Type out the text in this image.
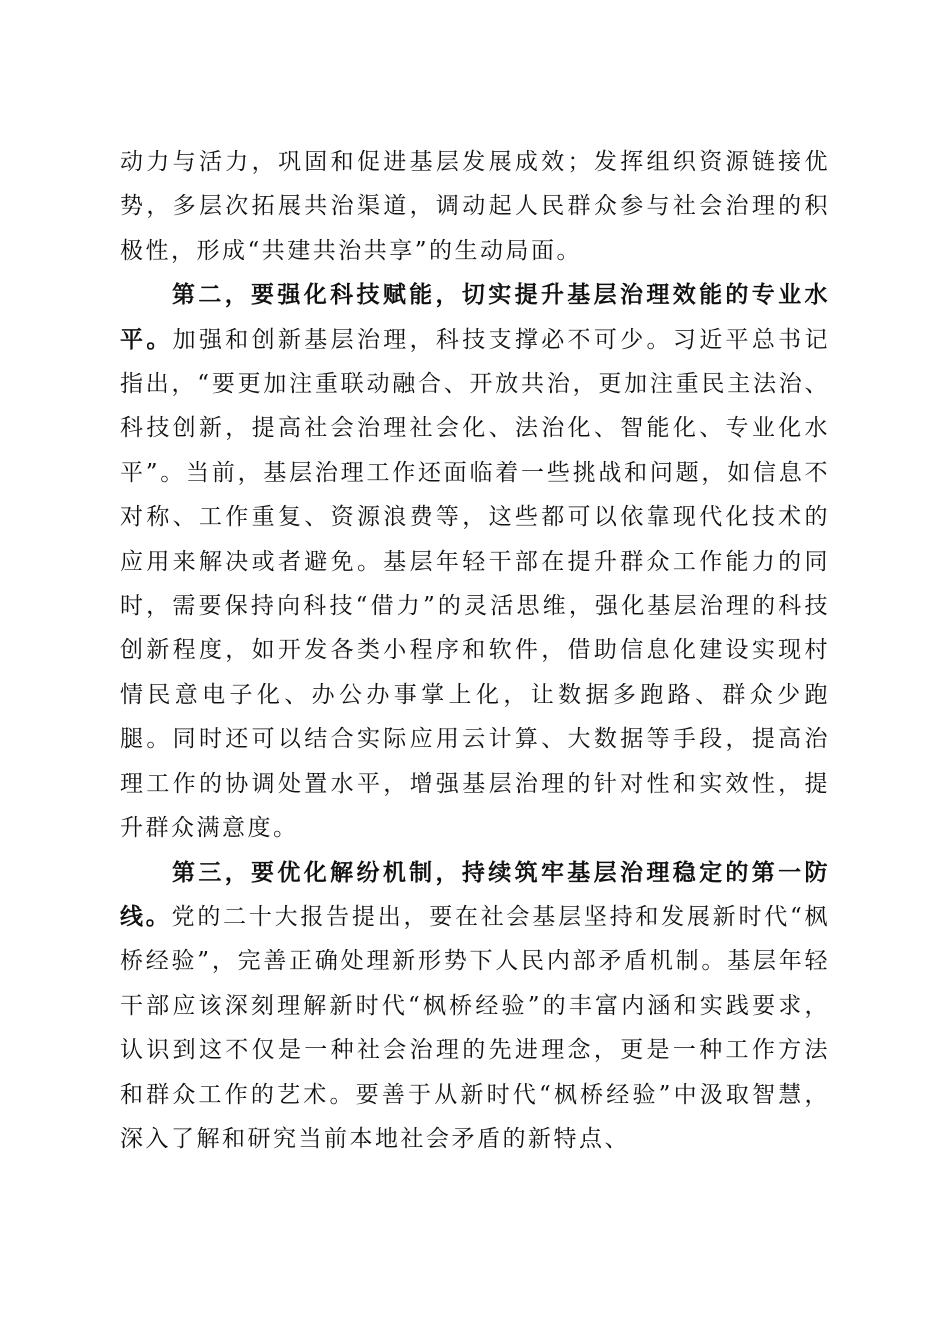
动力与活力，巩固和促进基层发展成效；发挥组织资源链接优势，多层次拓展共治渠道，调动起人民群众参与社会治理的积极性，形成“共建共治共享”的生动局面。

第二，要强化科技赋能，切实提升基层治理效能的专业水平。加强和创新基层治理，科技支撑必不可少。习近平总书记指出，“要更加注重联动融合、开放共治，更加注重民主法治、科技创新，提高社会治理社会化、法治化、智能化、专业化水平”。当前，基层治理工作还面临着一些挑战和问题，如信息不对称、工作重复、资源浪费等，这些都可以依靠现代化技术的应用来解决或者避免。基层年轻干部在提升群众工作能力的同时，需要保持向科技“借力”的灵活思维，强化基层治理的科技创新程度，如开发各类小程序和软件，借助信息化建设实现村情民意电子化、办公办事掌上化，让数据多跑路、群众少跑腿。同时还可以结合实际应用云计算、大数据等手段，提高治理工作的协调处置水平，增强基层治理的针对性和实效性，提升群众满意度。

第三，要优化解纷机制，持续筑牢基层治理稳定的第一防线。党的二十大报告提出，要在社会基层坚持和发展新时代“枫桥经验”，完善正确处理新形势下人民内部矛盾机制。基层年轻干部应该深刻理解新时代“枫桥经验”的丰富内涵和实践要求，认识到这不仅是一种社会治理的先进理念，更是一种工作方法和群众工作的艺术。要善于从新时代“枫桥经验”中汲取智慧，深入了解和研究当前本地社会矛盾的新特点、
